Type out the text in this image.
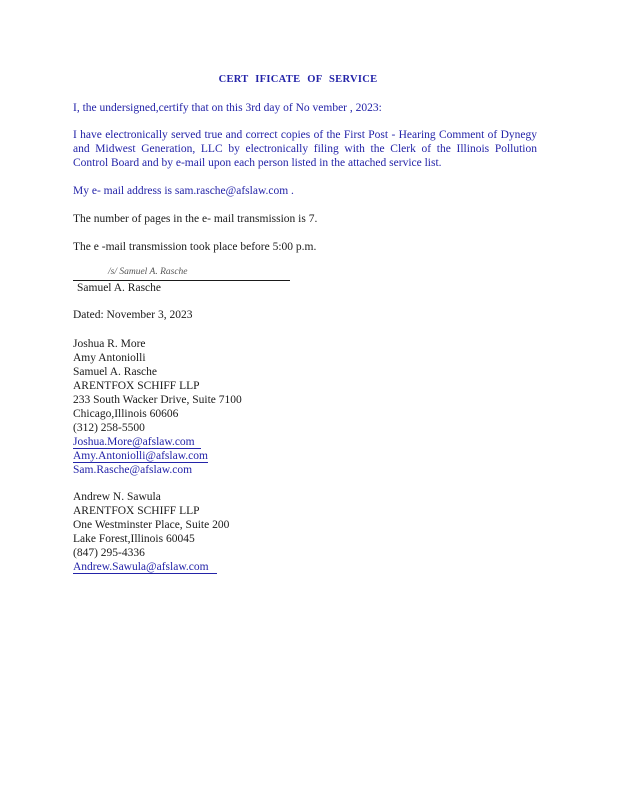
CERT IFICATE OF SERVICE
I, the undersigned,certify that on this 3rd day of No vember , 2023:
I have electronically served true and correct copies of the First Post - Hearing Comment of Dynegy and Midwest Generation, LLC by electronically filing with the Clerk of the Illinois Pollution Control Board and by e-mail upon each person listed in the attached service list.
My e- mail address is sam.rasche@afslaw.com .
The number of pages in the e- mail transmission is 7.
The e -mail transmission took place before 5:00 p.m.
/s/ Samuel A. Rasche
Samuel A. Rasche
Dated: November 3, 2023
Joshua R. More
Amy Antoniolli
Samuel A. Rasche
ARENTFOX SCHIFF LLP
233 South Wacker Drive, Suite 7100
Chicago,Illinois 60606
(312) 258-5500
Joshua.More@afslaw.com
Amy.Antoniolli@afslaw.com
Sam.Rasche@afslaw.com
Andrew N. Sawula
ARENTFOX SCHIFF LLP
One Westminster Place, Suite 200
Lake Forest,Illinois 60045
(847) 295-4336
Andrew.Sawula@afslaw.com
